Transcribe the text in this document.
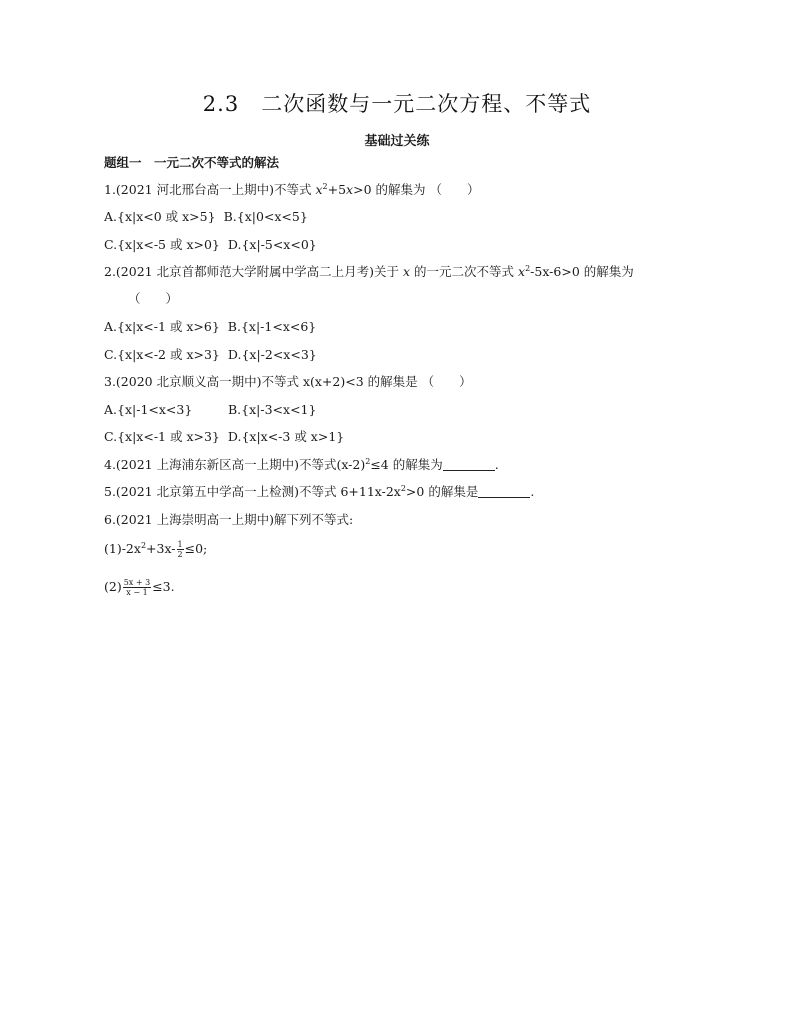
2.3　二次函数与一元二次方程、不等式
基础过关练
题组一　一元二次不等式的解法
1.(2021 河北邢台高一上期中)不等式 $x^2+5x>0$ 的解集为 （　　）
A.{x|x<0 或 x>5} B.{x|0<x<5}
C.{x|x<-5 或 x>0} D.{x|-5<x<0}
2.(2021 北京首都师范大学附属中学高二上月考)关于 x 的一元二次不等式 $x^2-5x-6>0$ 的解集为
（　　）
A.{x|x<-1 或 x>6} B.{x|-1<x<6}
C.{x|x<-2 或 x>3} D.{x|-2<x<3}
3.(2020 北京顺义高一期中)不等式 x(x+2)<3 的解集是 （　　）
A.{x|-1<x<3}	B.{x|-3<x<1}
C.{x|x<-1 或 x>3} D.{x|x<-3 或 x>1}
4.(2021 上海浦东新区高一上期中)不等式$(x-2)^2\le 4$ 的解集为	.
5.(2021 北京第五中学高一上检测)不等式 $6+11x-2x^2>0$ 的解集是	.
6.(2021 上海崇明高一上期中)解下列不等式:
$(1)-2x^2+3x- \frac{1}{2} \le 0$;
$(2) \frac{5x + 3}{x - 1} \le 3$.
